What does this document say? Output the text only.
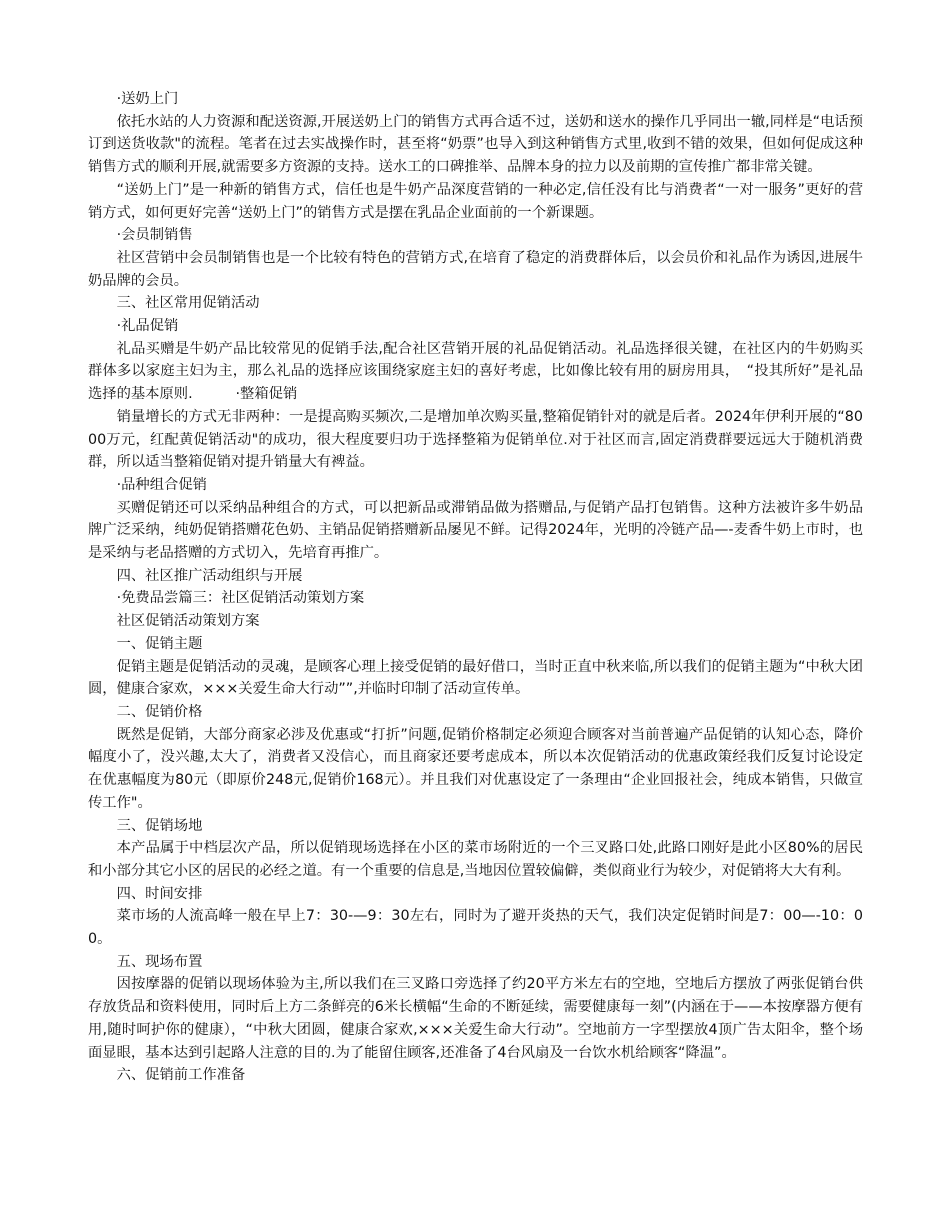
·送奶上门

依托水站的人力资源和配送资源,开展送奶上门的销售方式再合适不过，送奶和送水的操作几乎同出一辙,同样是“电话预订到送货收款"的流程。笔者在过去实战操作时，甚至将“奶票”也导入到这种销售方式里,收到不错的效果，但如何促成这种销售方式的顺利开展,就需要多方资源的支持。送水工的口碑推举、品牌本身的拉力以及前期的宣传推广都非常关键。

“送奶上门”是一种新的销售方式，信任也是牛奶产品深度营销的一种必定,信任没有比与消费者“一对一服务”更好的营销方式，如何更好完善“送奶上门”的销售方式是摆在乳品企业面前的一个新课题。

·会员制销售

社区营销中会员制销售也是一个比较有特色的营销方式,在培育了稳定的消费群体后，以会员价和礼品作为诱因,进展牛奶品牌的会员。

三、社区常用促销活动

·礼品促销

礼品买赠是牛奶产品比较常见的促销手法,配合社区营销开展的礼品促销活动。礼品选择很关键，在社区内的牛奶购买群体多以家庭主妇为主，那么礼品的选择应该围绕家庭主妇的喜好考虑，比如像比较有用的厨房用具，　“投其所好”是礼品选择的基本原则.　　　·整箱促销

销量增长的方式无非两种：一是提高购买频次,二是增加单次购买量,整箱促销针对的就是后者。2024年伊利开展的“8000万元，红配黄促销活动"的成功，很大程度要归功于选择整箱为促销单位.对于社区而言,固定消费群要远远大于随机消费群，所以适当整箱促销对提升销量大有裨益。

·品种组合促销

买赠促销还可以采纳品种组合的方式，可以把新品或滞销品做为搭赠品,与促销产品打包销售。这种方法被许多牛奶品牌广泛采纳，纯奶促销搭赠花色奶、主销品促销搭赠新品屡见不鲜。记得2024年，光明的冷链产品—-麦香牛奶上市时，也是采纳与老品搭赠的方式切入，先培育再推广。

四、社区推广活动组织与开展

·免费品尝篇三：社区促销活动策划方案

社区促销活动策划方案

一、促销主题

促销主题是促销活动的灵魂，是顾客心理上接受促销的最好借口，当时正直中秋来临,所以我们的促销主题为“中秋大团圆，健康合家欢，×××关爱生命大行动””,并临时印制了活动宣传单。

二、促销价格

既然是促销，大部分商家必涉及优惠或“打折”问题,促销价格制定必须迎合顾客对当前普遍产品促销的认知心态，降价幅度小了，没兴趣,太大了，消费者又没信心，而且商家还要考虑成本，所以本次促销活动的优惠政策经我们反复讨论设定在优惠幅度为80元（即原价248元,促销价168元）。并且我们对优惠设定了一条理由“企业回报社会，纯成本销售，只做宣传工作"。

三、促销场地

本产品属于中档层次产品，所以促销现场选择在小区的菜市场附近的一个三叉路口处,此路口刚好是此小区80%的居民和小部分其它小区的居民的必经之道。有一个重要的信息是,当地因位置较偏僻，类似商业行为较少，对促销将大大有利。

四、时间安排

菜市场的人流高峰一般在早上7：30-—9：30左右，同时为了避开炎热的天气，我们决定促销时间是7：00—-10：00。

五、现场布置

因按摩器的促销以现场体验为主,所以我们在三叉路口旁选择了约20平方米左右的空地，空地后方摆放了两张促销台供存放货品和资料使用，同时后上方二条鲜亮的6米长横幅“生命的不断延续，需要健康每一刻”(内涵在于——本按摩器方便有用,随时呵护你的健康），“中秋大团圆，健康合家欢,×××关爱生命大行动”。空地前方一字型摆放4顶广告太阳伞，整个场面显眼，基本达到引起路人注意的目的.为了能留住顾客,还准备了4台风扇及一台饮水机给顾客“降温”。

六、促销前工作准备
